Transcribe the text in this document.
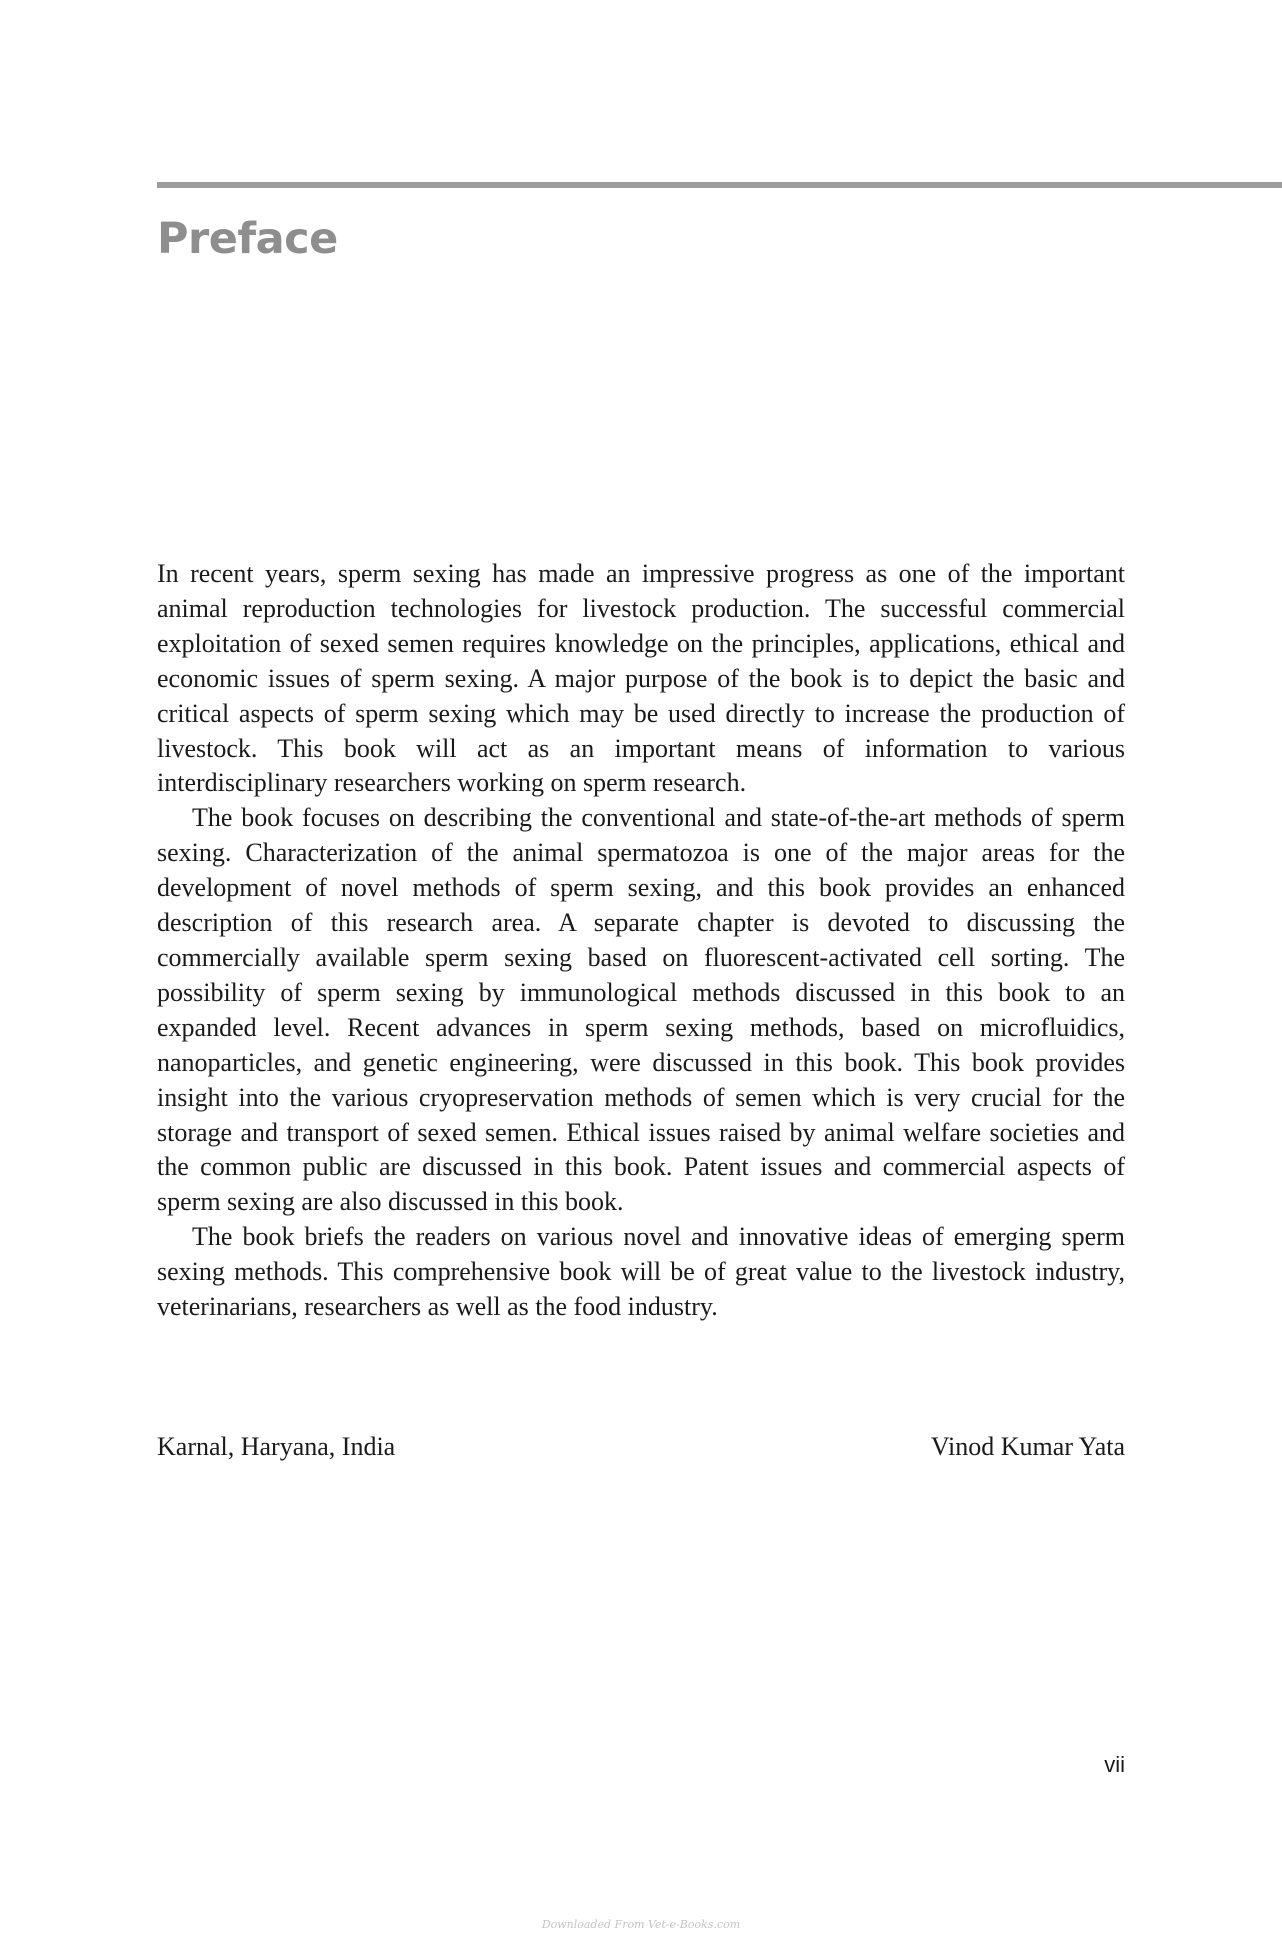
Preface

In recent years, sperm sexing has made an impressive progress as one of the important animal reproduction technologies for livestock production. The successful commercial exploitation of sexed semen requires knowledge on the principles, applications, ethical and economic issues of sperm sexing. A major purpose of the book is to depict the basic and critical aspects of sperm sexing which may be used directly to increase the production of livestock. This book will act as an important means of information to various interdisciplinary researchers working on sperm research.

The book focuses on describing the conventional and state-of-the-art methods of sperm sexing. Characterization of the animal spermatozoa is one of the major areas for the development of novel methods of sperm sexing, and this book provides an enhanced description of this research area. A separate chapter is devoted to discussing the commercially available sperm sexing based on fluorescent-activated cell sorting. The possibility of sperm sexing by immunological methods discussed in this book to an expanded level. Recent advances in sperm sexing methods, based on microfluidics, nanoparticles, and genetic engineering, were discussed in this book. This book provides insight into the various cryopreservation methods of semen which is very crucial for the storage and transport of sexed semen. Ethical issues raised by animal welfare societies and the common public are discussed in this book. Patent issues and commercial aspects of sperm sexing are also discussed in this book.

The book briefs the readers on various novel and innovative ideas of emerging sperm sexing methods. This comprehensive book will be of great value to the livestock industry, veterinarians, researchers as well as the food industry.

Karnal, Haryana, India	Vinod Kumar Yata
vii
Downloaded From Vet-e-Books.com
